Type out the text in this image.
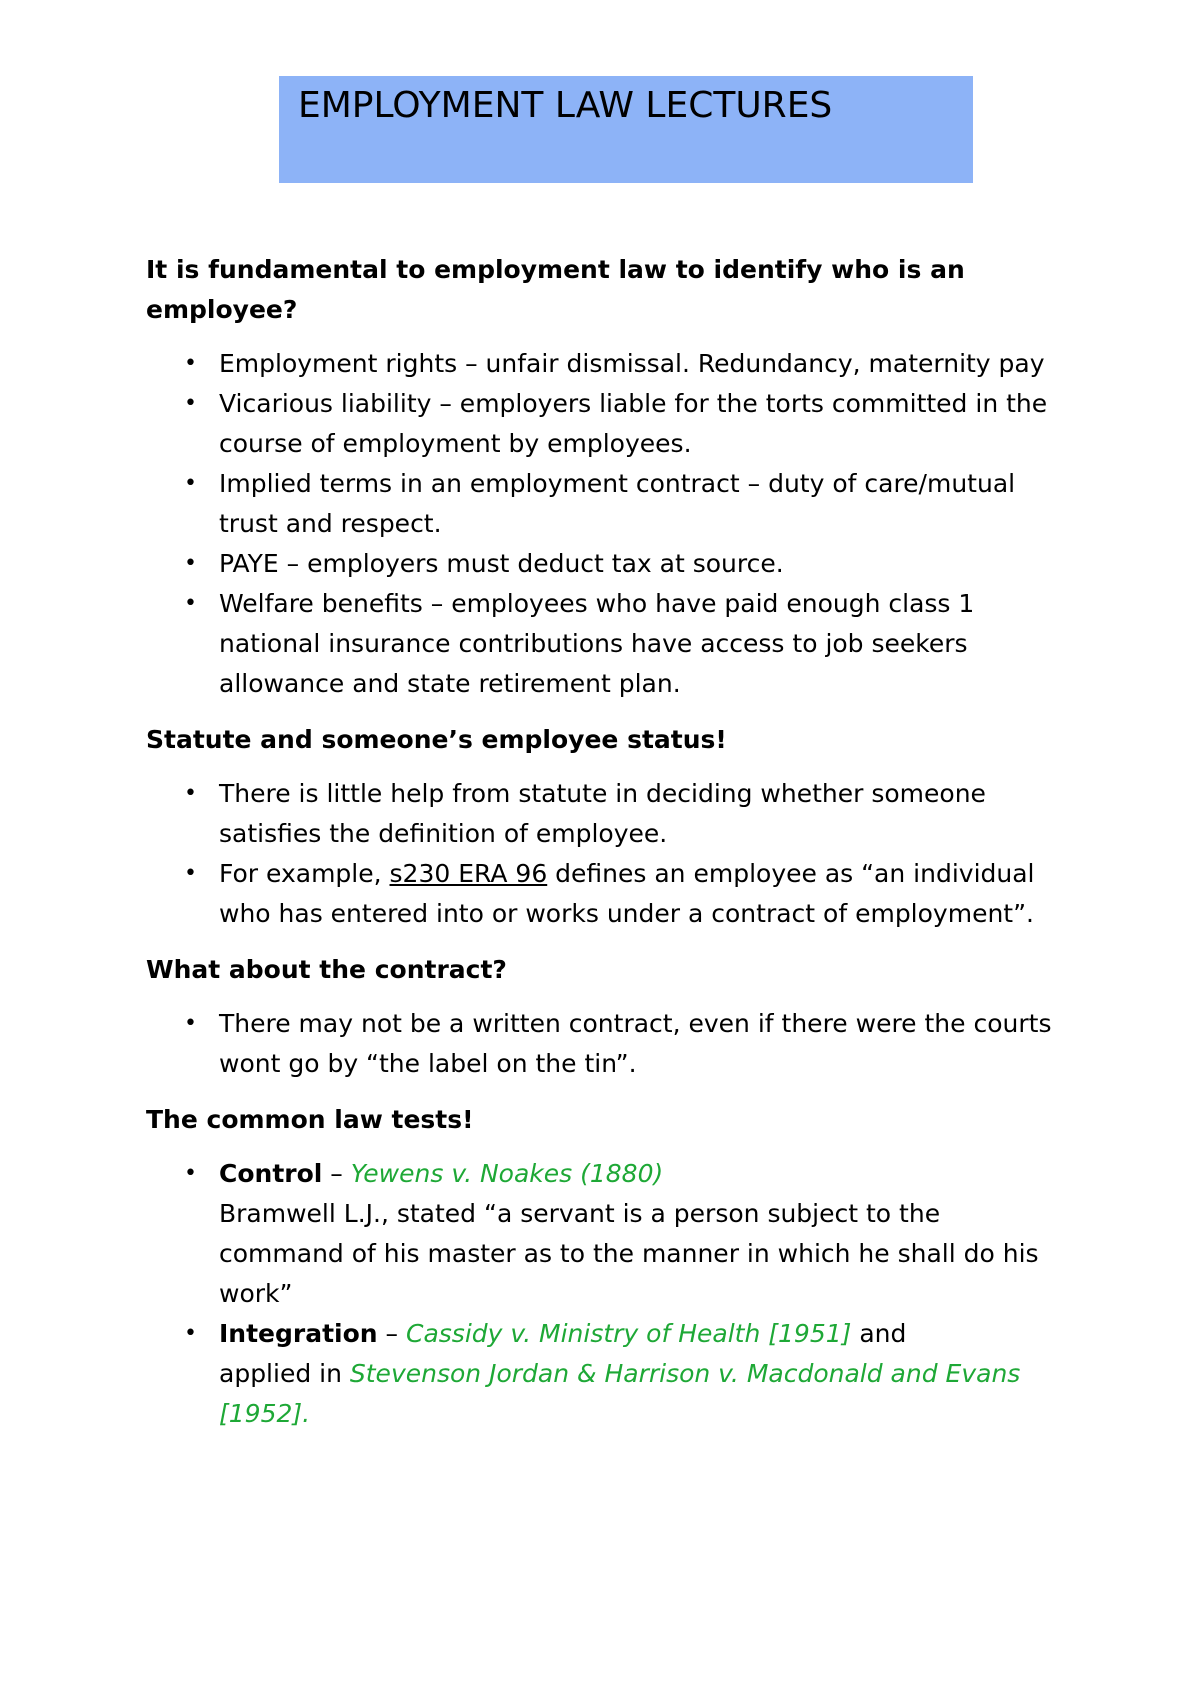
EMPLOYMENT LAW LECTURES
It is fundamental to employment law to identify who is an employee?
• Employment rights – unfair dismissal. Redundancy, maternity pay
• Vicarious liability – employers liable for the torts committed in the course of employment by employees.
• Implied terms in an employment contract – duty of care/mutual trust and respect.
• PAYE – employers must deduct tax at source.
• Welfare benefits – employees who have paid enough class 1 national insurance contributions have access to job seekers allowance and state retirement plan.
Statute and someone’s employee status!
• There is little help from statute in deciding whether someone satisfies the definition of employee.
• For example, s230 ERA 96 defines an employee as “an individual who has entered into or works under a contract of employment”.
What about the contract?
• There may not be a written contract, even if there were the courts wont go by “the label on the tin”.
The common law tests!
• Control – Yewens v. Noakes (1880)
Bramwell L.J., stated “a servant is a person subject to the command of his master as to the manner in which he shall do his work”
• Integration – Cassidy v. Ministry of Health [1951] and
applied in Stevenson Jordan & Harrison v. Macdonald and Evans [1952].
